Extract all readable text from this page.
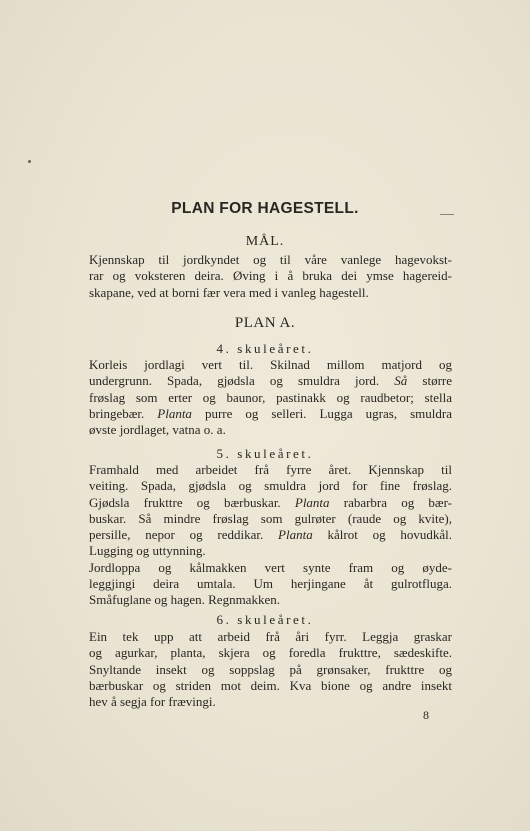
PLAN FOR HAGESTELL.
MÅL.
Kjennskap til jordkyndet og til våre vanlege hagevokst-
rar og voksteren deira. Øving i å bruka dei ymse hagereid-
skapane, ved at borni fær vera med i vanleg hagestell.
PLAN A.
4. skuleåret.
Korleis jordlagi vert til. Skilnad millom matjord og
undergrunn. Spada, gjødsla og smuldra jord. Så større
frøslag som erter og baunor, pastinakk og raudbetor; stella
bringebær. Planta purre og selleri. Lugga ugras, smuldra
øvste jordlaget, vatna o. a.
5. skuleåret.
Framhald med arbeidet frå fyrre året. Kjennskap til
veiting. Spada, gjødsla og smuldra jord for fine frøslag.
Gjødsla frukttre og bærbuskar. Planta rabarbra og bær-
buskar. Så mindre frøslag som gulrøter (raude og kvite),
persille, nepor og reddikar. Planta kålrot og hovudkål.
Lugging og uttynning.
Jordloppa og kålmakken vert synte fram og øyde-
leggjingi deira umtala. Um herjingane åt gulrotfluga.
Småfuglane og hagen. Regnmakken.
6. skuleåret.
Ein tek upp att arbeid frå åri fyrr. Leggja graskar
og agurkar, planta, skjera og foredla frukttre, sædeskifte.
Snyltande insekt og soppslag på grønsaker, frukttre og
bærbuskar og striden mot deim. Kva bione og andre insekt
hev å segja for frævingi.
8
